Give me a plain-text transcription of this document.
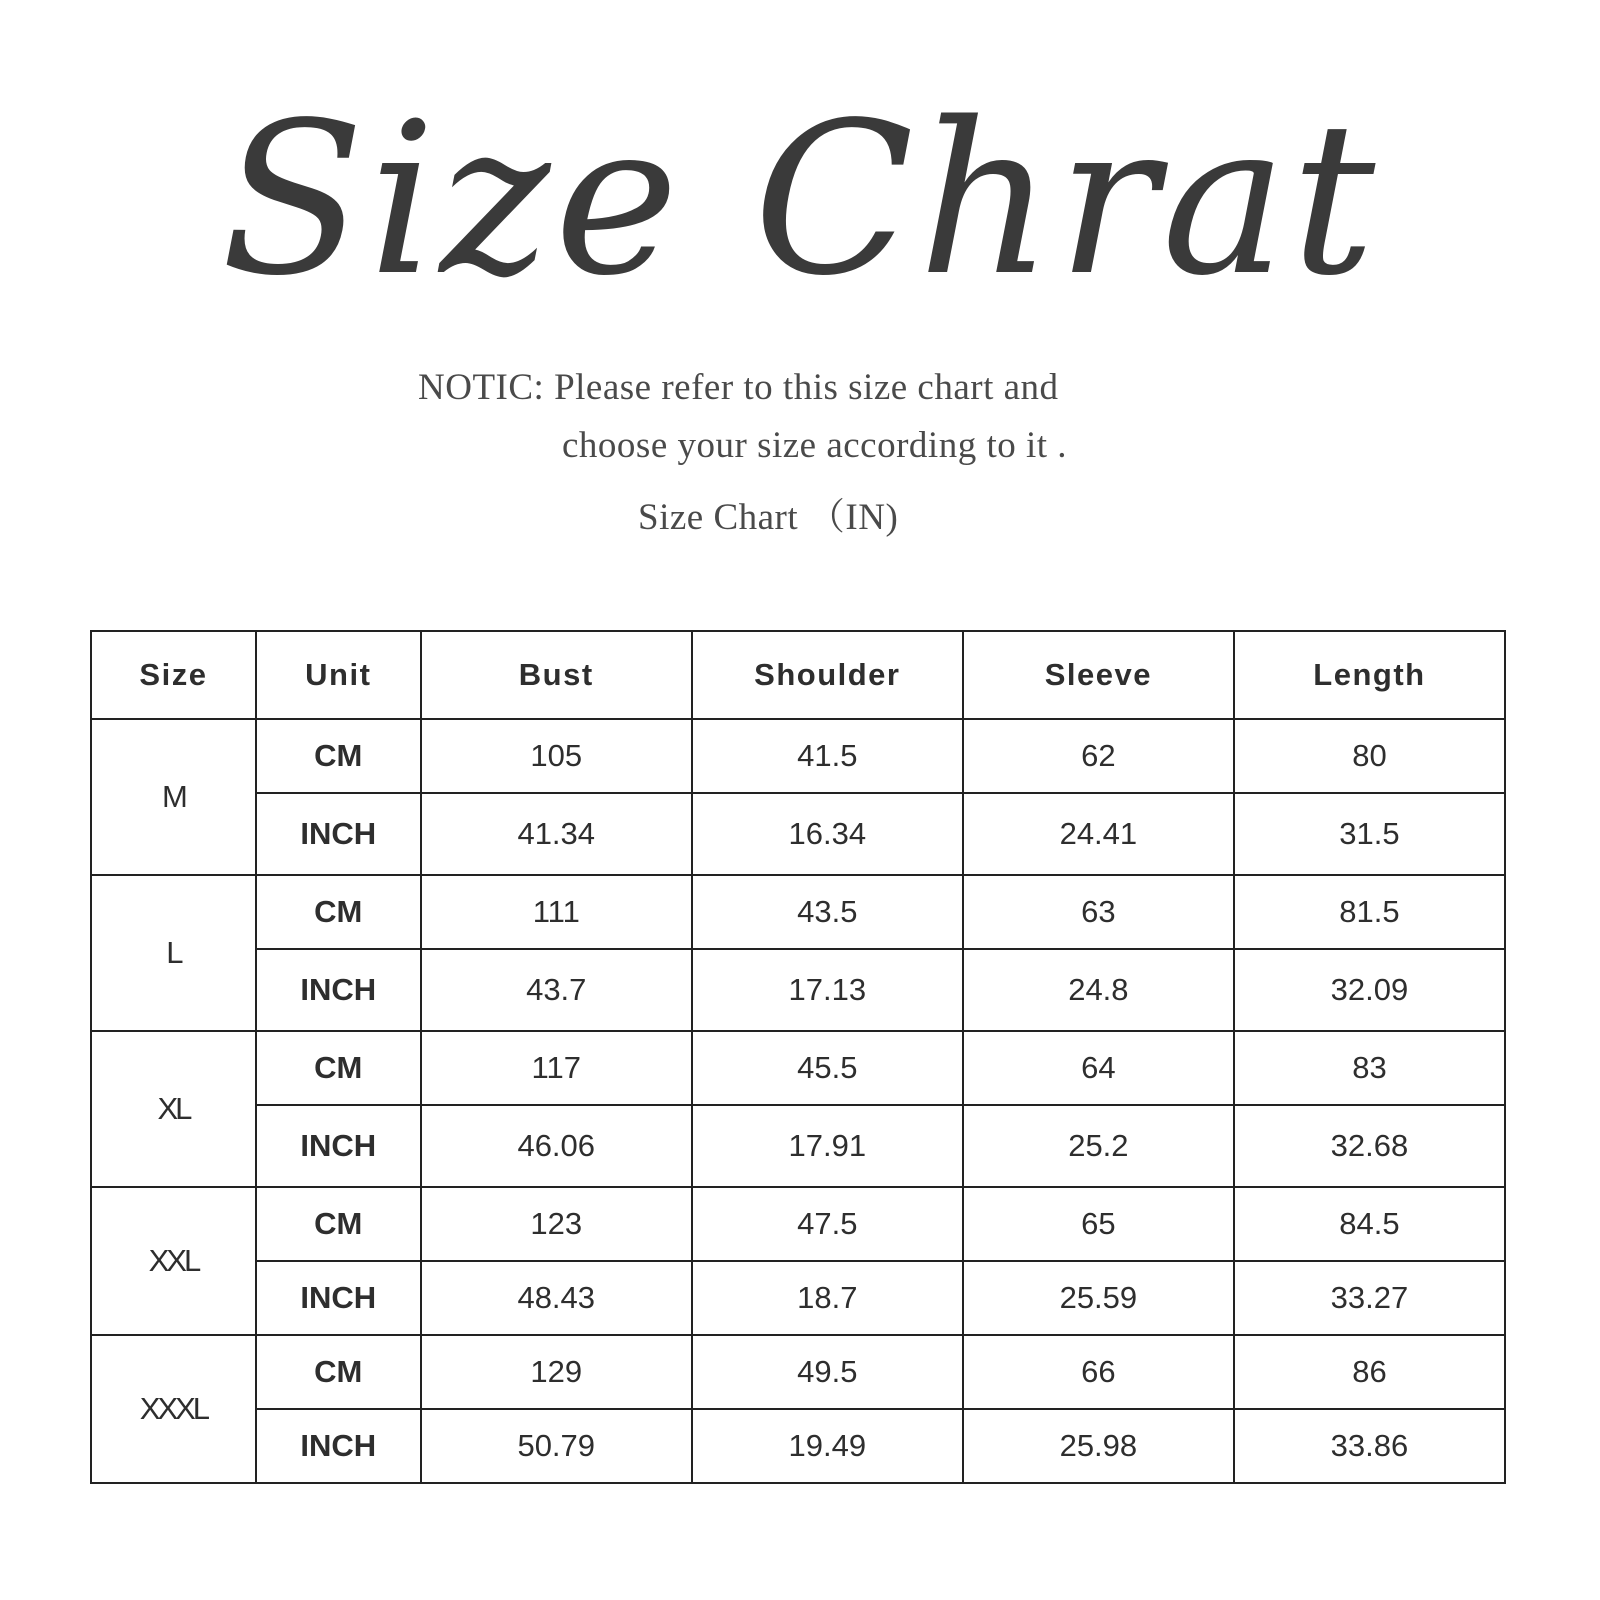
Size Chrat
NOTIC: Please refer to this size chart and
choose your size according to it .
Size Chart （IN)
Size	Unit	Bust	Shoulder	Sleeve	Length
M	CM	105	41.5	62	80
	INCH	41.34	16.34	24.41	31.5
L	CM	111	43.5	63	81.5
	INCH	43.7	17.13	24.8	32.09
XL	CM	117	45.5	64	83
	INCH	46.06	17.91	25.2	32.68
XXL	CM	123	47.5	65	84.5
	INCH	48.43	18.7	25.59	33.27
XXXL	CM	129	49.5	66	86
	INCH	50.79	19.49	25.98	33.86
